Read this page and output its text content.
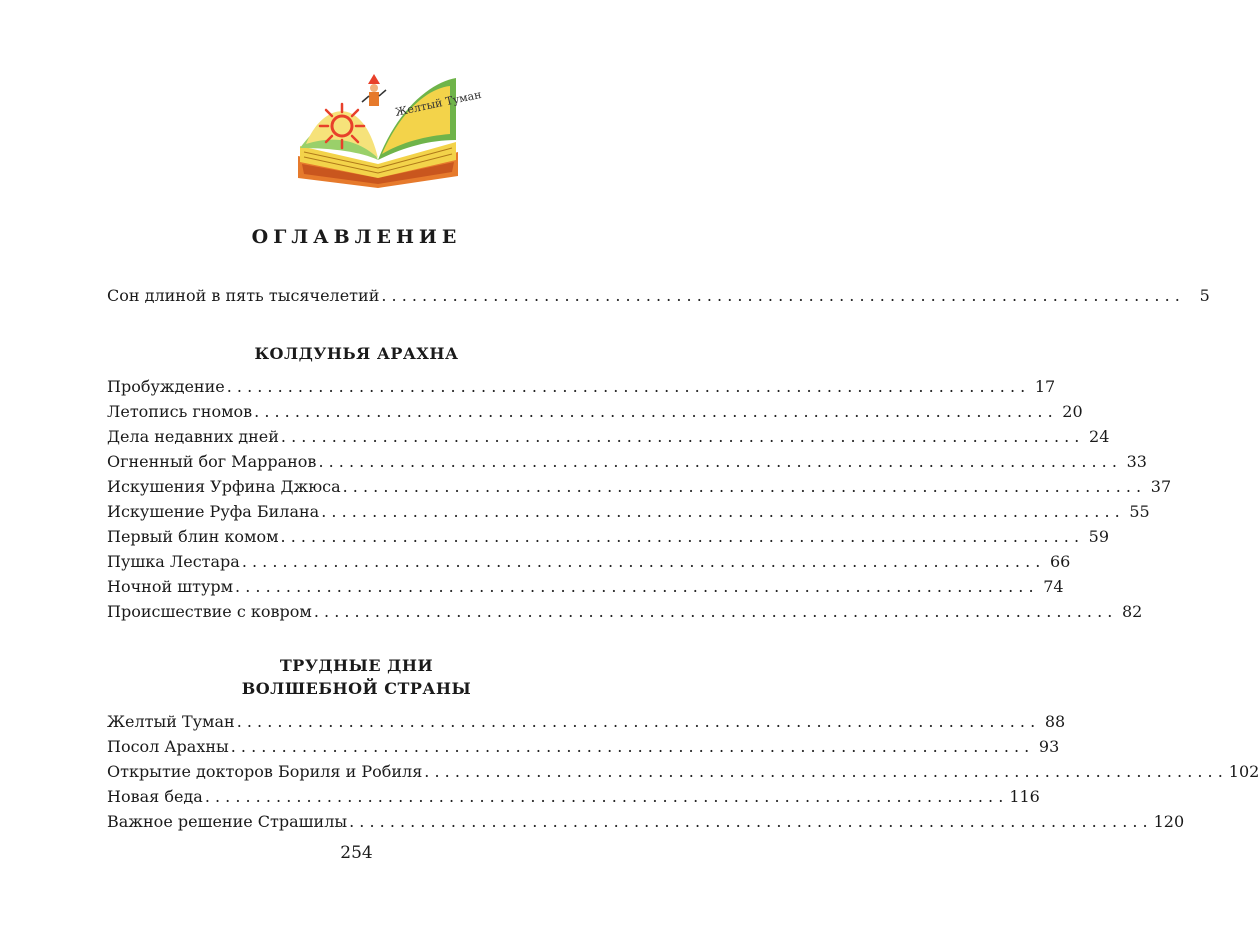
Желтый Туман
ОГЛАВЛЕНИЕ
Сон длиной в пять тысячелетий . . .	5
КОЛДУНЬЯ АРАХНА
Пробуждение . . .	17
Летопись гномов . . .	20
Дела недавних дней . . .	24
Огненный бог Марранов . . .	33
Искушения Урфина Джюса . . .	37
Искушение Руфа Билана . . .	55
Первый блин комом . . .	59
Пушка Лестара . . .	66
Ночной штурм . . .	74
Происшествие с ковром . . .	82
ТРУДНЫЕ ДНИ
ВОЛШЕБНОЙ СТРАНЫ
Желтый Туман . . .	88
Посол Арахны . . .	93
Открытие докторов Бориля и Робиля . . .	102
Новая беда . . .	116
Важное решение Страшилы . . .	120
254
